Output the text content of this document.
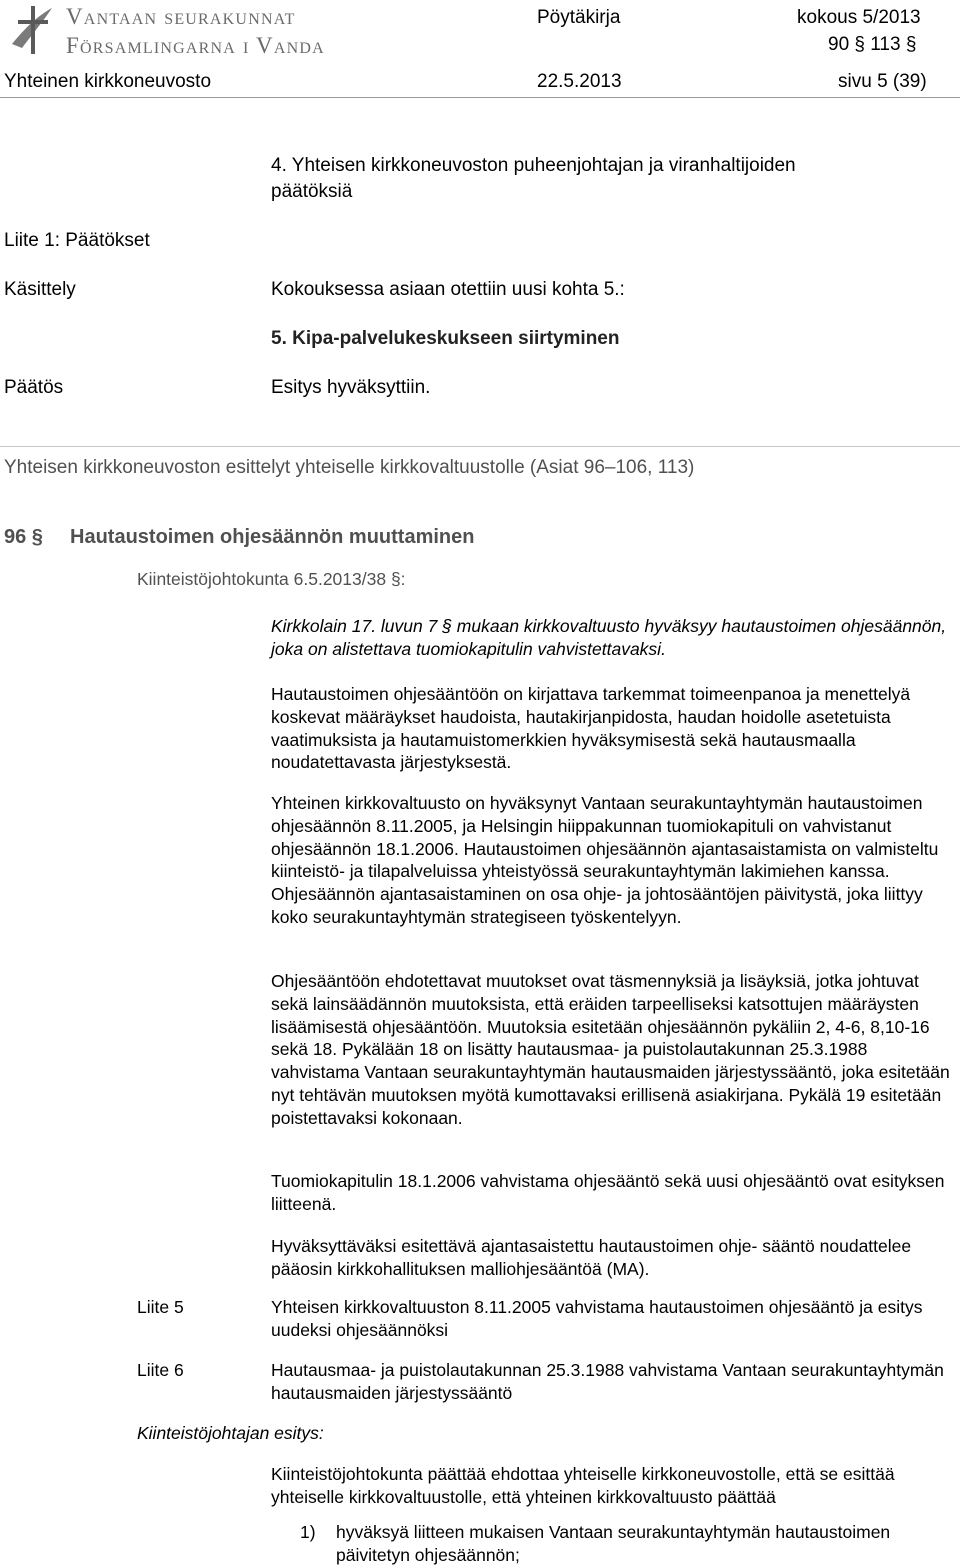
Vantaan seurakunnat
Församlingarna i Vanda
Pöytäkirja	kokous 5/2013
90 § 113 §
Yhteinen kirkkoneuvosto	22.5.2013	sivu 5 (39)
4. Yhteisen kirkkoneuvoston puheenjohtajan ja viranhaltijoiden
päätöksiä
Liite 1: Päätökset
Käsittely	Kokouksessa asiaan otettiin uusi kohta 5.:
5. Kipa-palvelukeskukseen siirtyminen
Päätös	Esitys hyväksyttiin.
Yhteisen kirkkoneuvoston esittelyt yhteiselle kirkkovaltuustolle (Asiat 96–106, 113)
96 § Hautaustoimen ohjesäännön muuttaminen
Kiinteistöjohtokunta 6.5.2013/38 §:
Kirkkolain 17. luvun 7 § mukaan kirkkovaltuusto hyväksyy hautaustoimen ohjesäännön, joka on alistettava tuomiokapitulin vahvistettavaksi.
Hautaustoimen ohjesääntöön on kirjattava tarkemmat toimeenpanoa ja menettelyä koskevat määräykset haudoista, hautakirjanpidosta, haudan hoidolle asetetuista vaatimuksista ja hautamuistomerkkien hyväksymisestä sekä hautausmaalla noudatettavasta järjestyksestä.
Yhteinen kirkkovaltuusto on hyväksynyt Vantaan seurakuntayhtymän hautaustoimen ohjesäännön 8.11.2005, ja Helsingin hiippakunnan tuomiokapituli on vahvistanut ohjesäännön 18.1.2006. Hautaustoimen ohjesäännön ajantasaistamista on valmisteltu kiinteistö- ja tilapalveluissa yhteistyössä seurakuntayhtymän lakimiehen kanssa. Ohjesäännön ajantasaistaminen on osa ohje- ja johtosääntöjen päivitystä, joka liittyy koko seurakuntayhtymän strategiseen työskentelyyn.
Ohjesääntöön ehdotettavat muutokset ovat täsmennyksiä ja lisäyksiä, jotka johtuvat sekä lainsäädännön muutoksista, että eräiden tarpeelliseksi katsottujen määräysten lisäämisestä ohjesääntöön. Muutoksia esitetään ohjesäännön pykäliin 2, 4-6, 8,10-16 sekä 18. Pykälään 18 on lisätty hautausmaa- ja puistolautakunnan 25.3.1988 vahvistama Vantaan seurakuntayhtymän hautausmaiden järjestyssääntö, joka esitetään nyt tehtävän muutoksen myötä kumottavaksi erillisenä asiakirjana. Pykälä 19 esitetään poistettavaksi kokonaan.
Tuomiokapitulin 18.1.2006 vahvistama ohjesääntö sekä uusi ohjesääntö ovat esityksen liitteenä.
Hyväksyttäväksi esitettävä ajantasaistettu hautaustoimen ohje- sääntö noudattelee pääosin kirkkohallituksen malliohjesääntöä (MA).
Liite 5	Yhteisen kirkkovaltuuston 8.11.2005 vahvistama hautaustoimen ohjesääntö ja esitys uudeksi ohjesäännöksi
Liite 6	Hautausmaa- ja puistolautakunnan 25.3.1988 vahvistama Vantaan seurakuntayhtymän hautausmaiden järjestyssääntö
Kiinteistöjohtajan esitys:
Kiinteistöjohtokunta päättää ehdottaa yhteiselle kirkkoneuvostolle, että se esittää yhteiselle kirkkovaltuustolle, että yhteinen kirkkovaltuusto päättää
1) hyväksyä liitteen mukaisen Vantaan seurakuntayhtymän hautaustoimen päivitetyn ohjesäännön;
